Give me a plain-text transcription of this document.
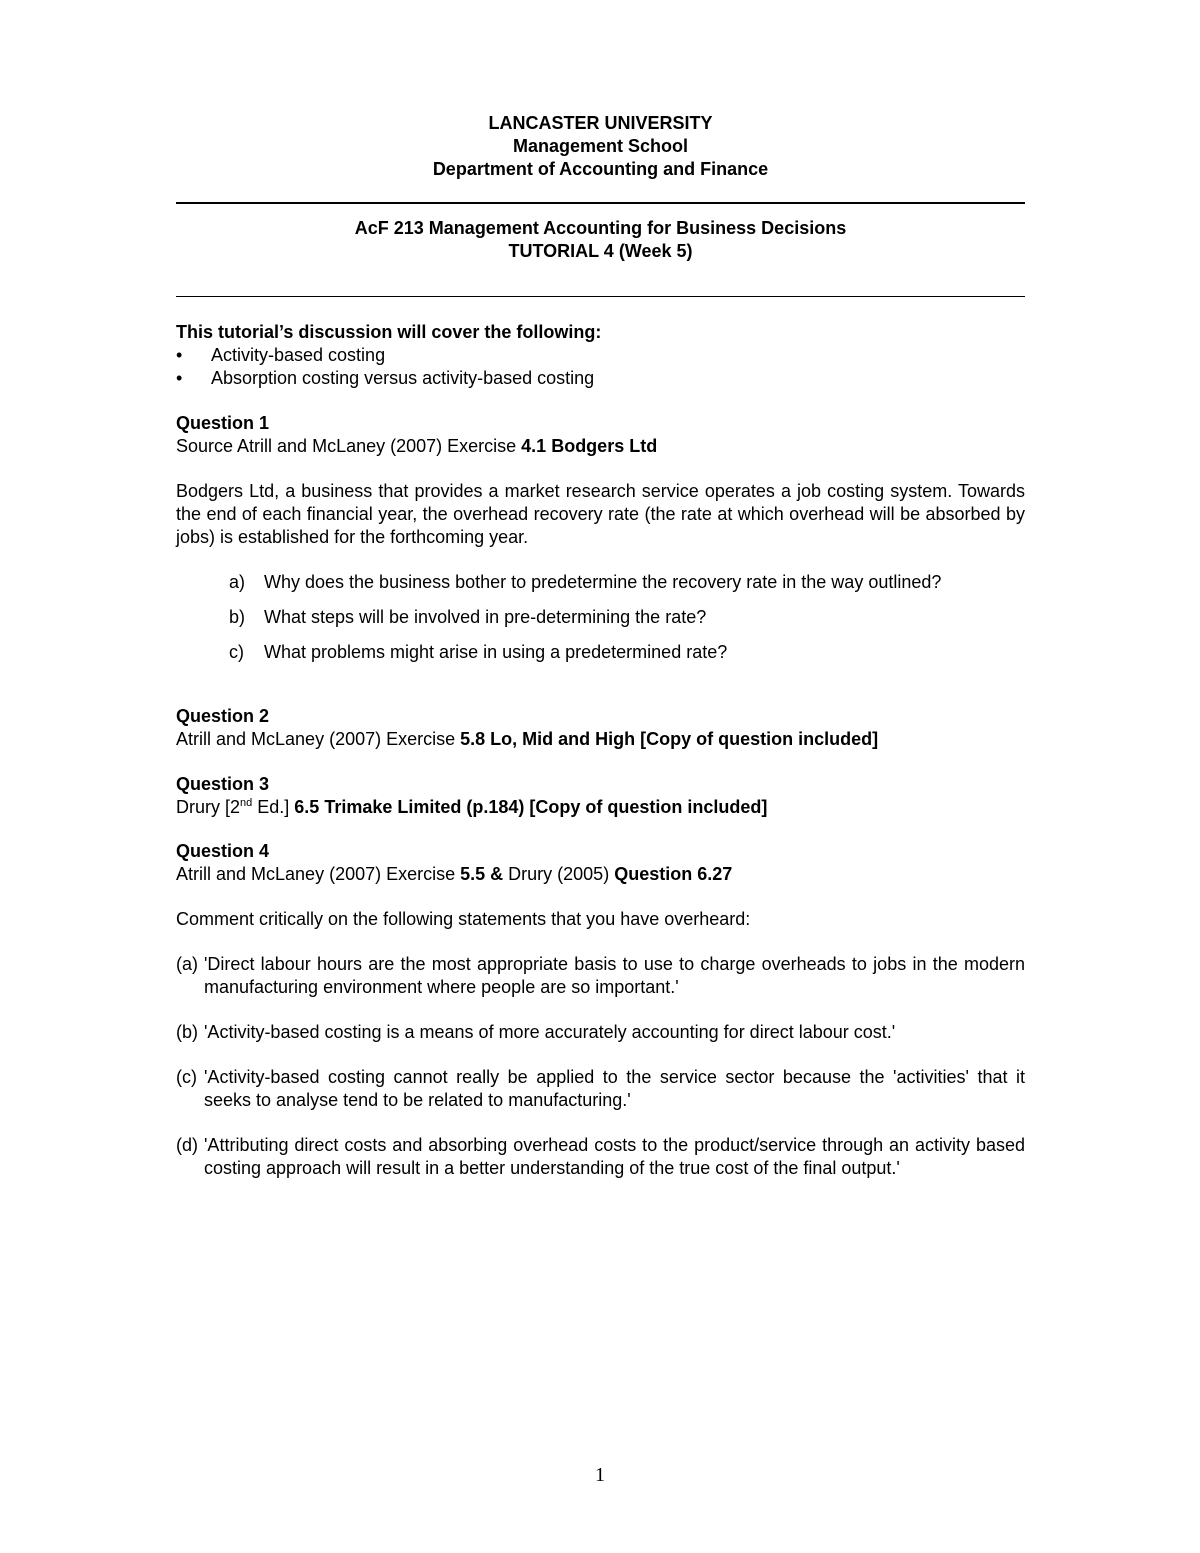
LANCASTER UNIVERSITY
Management School
Department of Accounting and Finance
AcF 213 Management Accounting for Business Decisions
TUTORIAL 4 (Week 5)
This tutorial’s discussion will cover the following:
• Activity-based costing
• Absorption costing versus activity-based costing
Question 1
Source Atrill and McLaney (2007) Exercise 4.1 Bodgers Ltd
Bodgers Ltd, a business that provides a market research service operates a job costing system. Towards the end of each financial year, the overhead recovery rate (the rate at which overhead will be absorbed by jobs) is established for the forthcoming year.
a) Why does the business bother to predetermine the recovery rate in the way outlined?
b) What steps will be involved in pre-determining the rate?
c) What problems might arise in using a predetermined rate?
Question 2
Atrill and McLaney (2007) Exercise 5.8 Lo, Mid and High [Copy of question included]
Question 3
Drury [2nd Ed.] 6.5 Trimake Limited (p.184) [Copy of question included]
Question 4
Atrill and McLaney (2007) Exercise 5.5 & Drury (2005) Question 6.27
Comment critically on the following statements that you have overheard:
(a) 'Direct labour hours are the most appropriate basis to use to charge overheads to jobs in the modern manufacturing environment where people are so important.'
(b) 'Activity-based costing is a means of more accurately accounting for direct labour cost.'
(c) 'Activity-based costing cannot really be applied to the service sector because the 'activities' that it seeks to analyse tend to be related to manufacturing.'
(d) 'Attributing direct costs and absorbing overhead costs to the product/service through an activity based costing approach will result in a better understanding of the true cost of the final output.'
1
